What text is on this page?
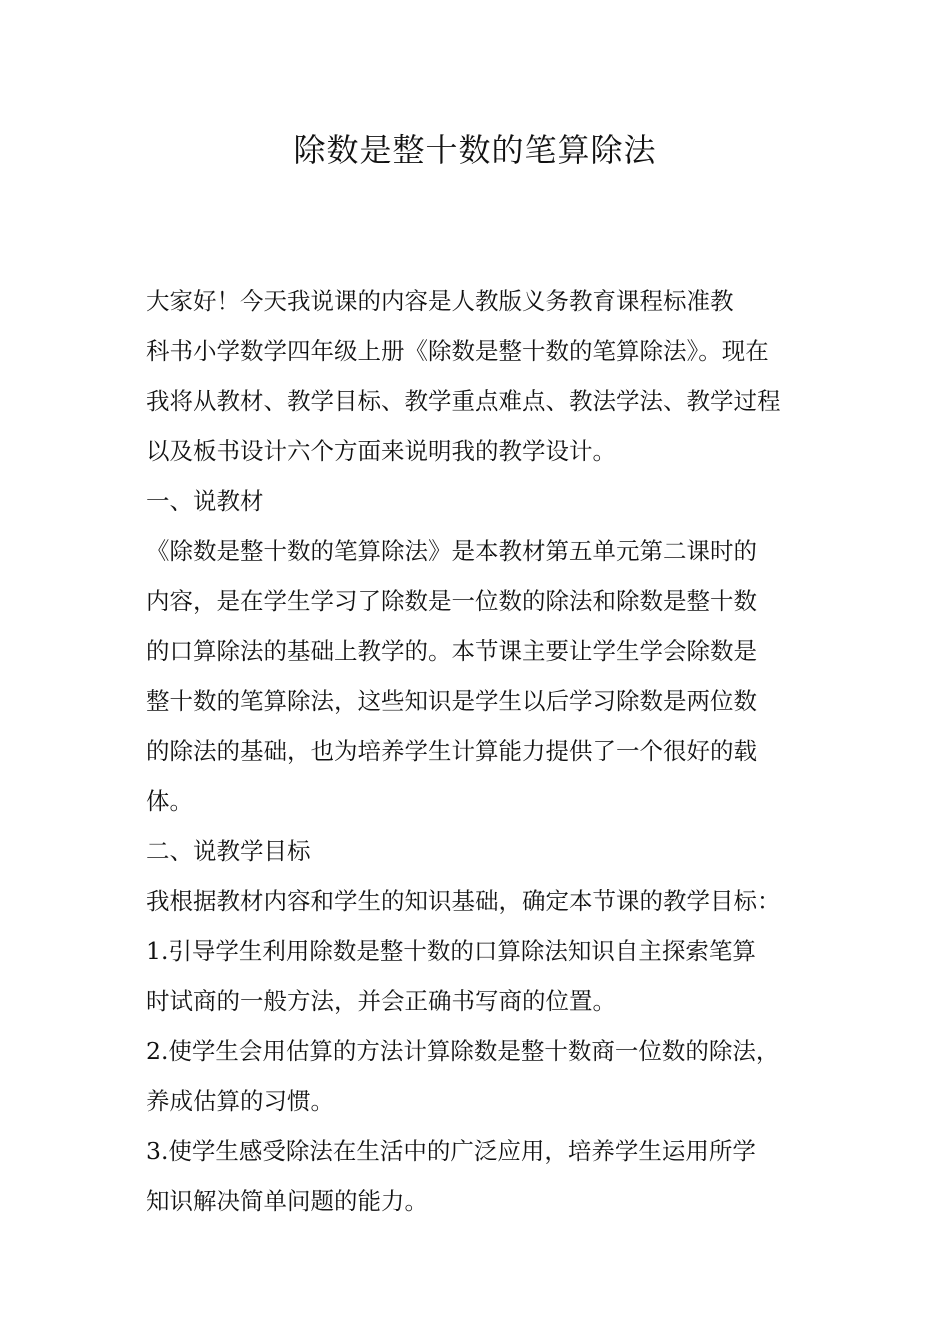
除数是整十数的笔算除法
大家好！今天我说课的内容是人教版义务教育课程标准教
科书小学数学四年级上册《除数是整十数的笔算除法》。现在
我将从教材、教学目标、教学重点难点、教法学法、教学过程
以及板书设计六个方面来说明我的教学设计。
一、说教材
《除数是整十数的笔算除法》是本教材第五单元第二课时的
内容，是在学生学习了除数是一位数的除法和除数是整十数
的口算除法的基础上教学的。本节课主要让学生学会除数是
整十数的笔算除法，这些知识是学生以后学习除数是两位数
的除法的基础，也为培养学生计算能力提供了一个很好的载
体。
二、说教学目标
我根据教材内容和学生的知识基础，确定本节课的教学目标：
1.引导学生利用除数是整十数的口算除法知识自主探索笔算
时试商的一般方法，并会正确书写商的位置。
2.使学生会用估算的方法计算除数是整十数商一位数的除法，
养成估算的习惯。
3.使学生感受除法在生活中的广泛应用，培养学生运用所学
知识解决简单问题的能力。
